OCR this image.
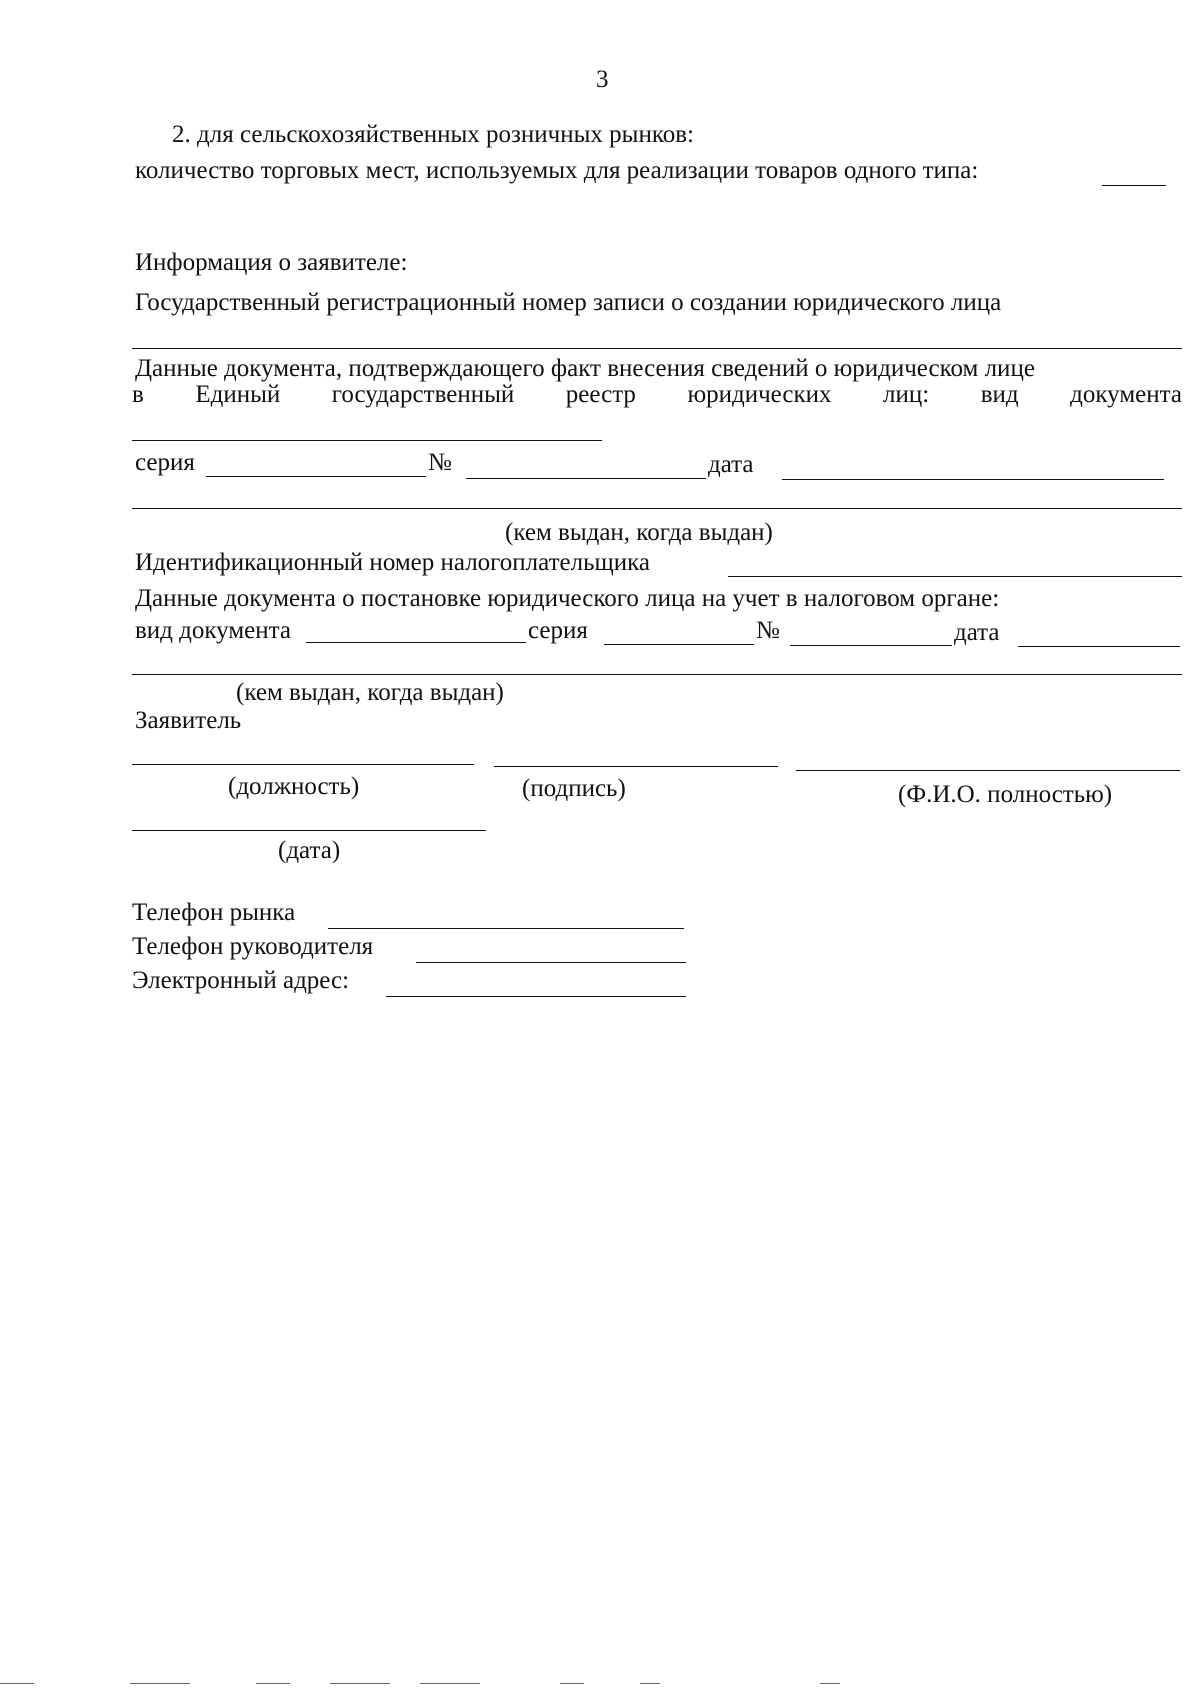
3
2. для сельскохозяйственных розничных рынков:
количество торговых мест, используемых для реализации товаров одного типа:
Информация о заявителе:
Государственный регистрационный номер записи о создании юридического лица
Данные документа, подтверждающего факт внесения сведений о юридическом лице
в Единый государственный реестр юридических лиц: вид документа
серия	№	дата
(кем выдан, когда выдан)
Идентификационный номер налогоплательщика
Данные документа о постановке юридического лица на учет в налоговом органе:
вид документа	серия	№	дата
(кем выдан, когда выдан)
Заявитель
(должность)	(подпись)	(Ф.И.О. полностью)
(дата)
Телефон рынка
Телефон руководителя
Электронный адрес:
